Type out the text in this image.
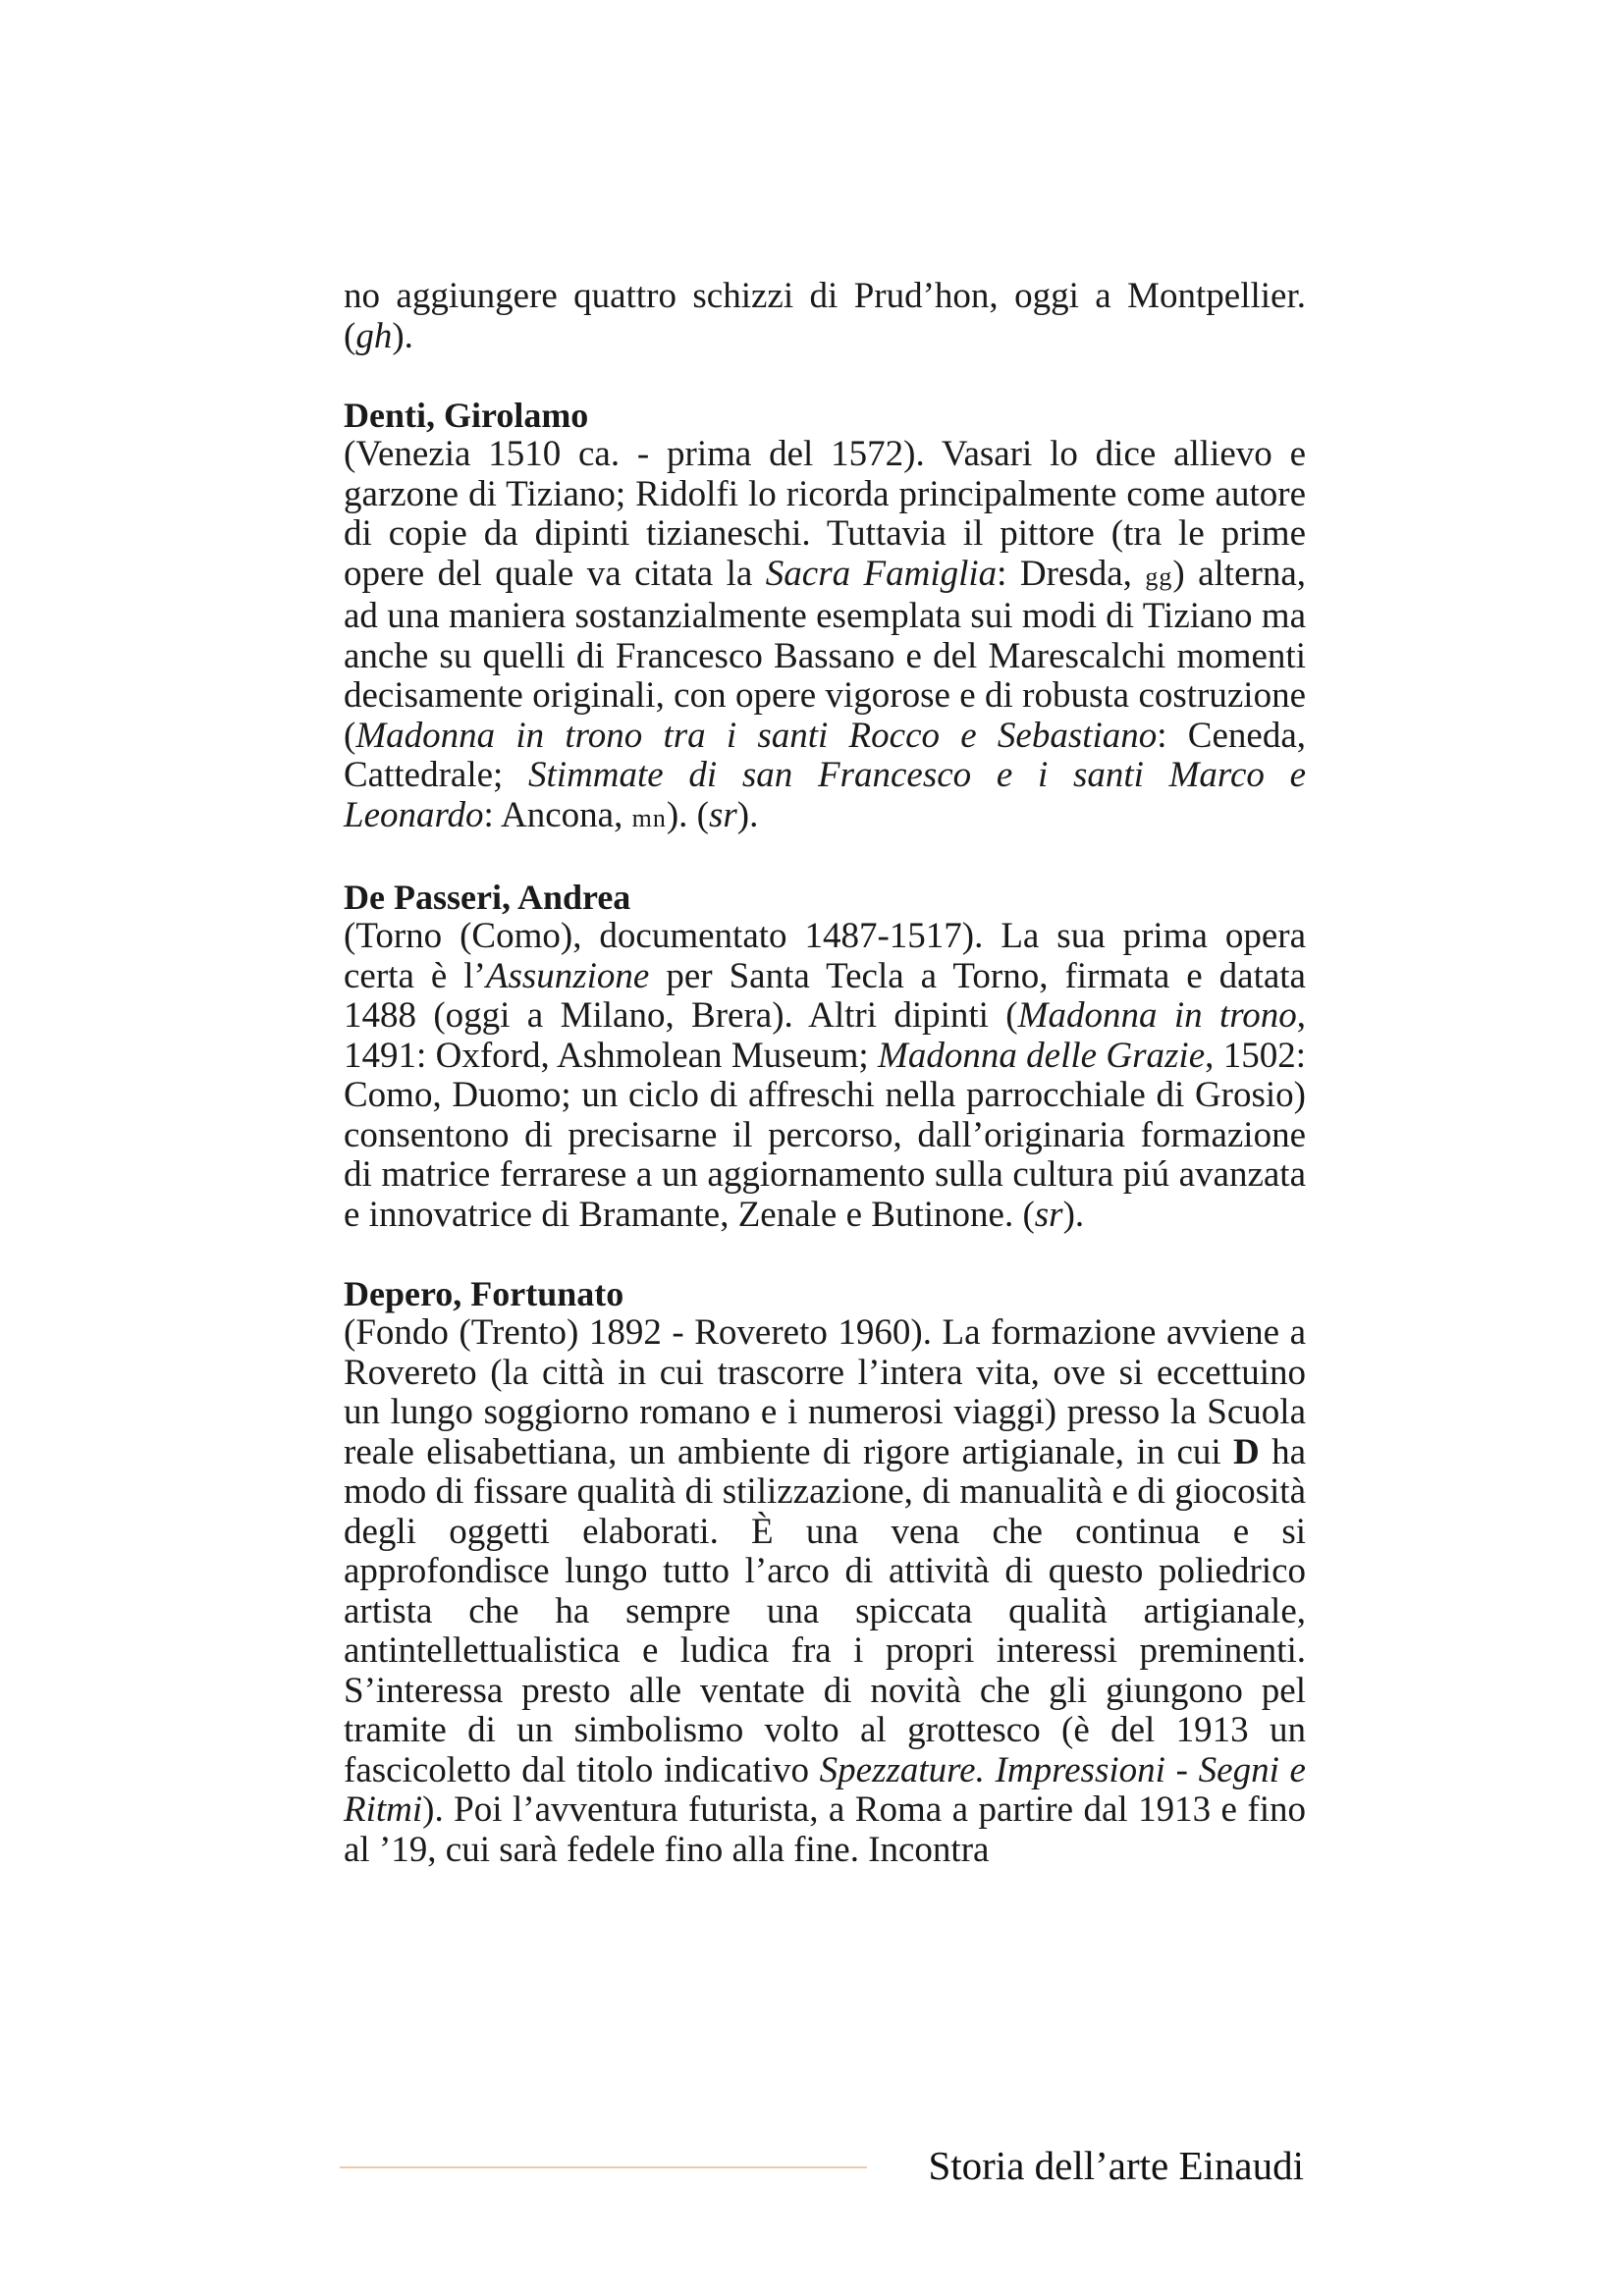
no aggiungere quattro schizzi di Prud’hon, oggi a Montpellier. (gh).

Denti, Girolamo

(Venezia 1510 ca. - prima del 1572). Vasari lo dice allievo e garzone di Tiziano; Ridolfi lo ricorda principalmente come autore di copie da dipinti tizianeschi. Tuttavia il pittore (tra le prime opere del quale va citata la Sacra Famiglia: Dresda, gg) alterna, ad una maniera sostanzialmente esemplata sui modi di Tiziano ma anche su quelli di Francesco Bassano e del Marescalchi momenti decisamente originali, con opere vigorose e di robusta costruzione (Madonna in trono tra i santi Rocco e Sebastiano: Ceneda, Cattedrale; Stimmate di san Francesco e i santi Marco e Leonardo: Ancona, mn). (sr).

De Passeri, Andrea

(Torno (Como), documentato 1487-1517). La sua prima opera certa è l’Assunzione per Santa Tecla a Torno, firmata e datata 1488 (oggi a Milano, Brera). Altri dipinti (Madonna in trono, 1491: Oxford, Ashmolean Museum; Madonna delle Grazie, 1502: Como, Duomo; un ciclo di affreschi nella parrocchiale di Grosio) consentono di precisarne il percorso, dall’originaria formazione di matrice ferrarese a un aggiornamento sulla cultura piú avanzata e innovatrice di Bramante, Zenale e Butinone. (sr).

Depero, Fortunato

(Fondo (Trento) 1892 - Rovereto 1960). La formazione avviene a Rovereto (la città in cui trascorre l’intera vita, ove si eccettuino un lungo soggiorno romano e i numerosi viaggi) presso la Scuola reale elisabettiana, un ambiente di rigore artigianale, in cui D ha modo di fissare qualità di stilizzazione, di manualità e di giocosità degli oggetti elaborati. È una vena che continua e si approfondisce lungo tutto l’arco di attività di questo poliedrico artista che ha sempre una spiccata qualità artigianale, antintellettualistica e ludica fra i propri interessi preminenti. S’interessa presto alle ventate di novità che gli giungono pel tramite di un simbolismo volto al grottesco (è del 1913 un fascicoletto dal titolo indicativo Spezzature. Impressioni - Segni e Ritmi). Poi l’avventura futurista, a Roma a partire dal 1913 e fino al ’19, cui sarà fedele fino alla fine. Incontra

Storia dell’arte Einaudi
